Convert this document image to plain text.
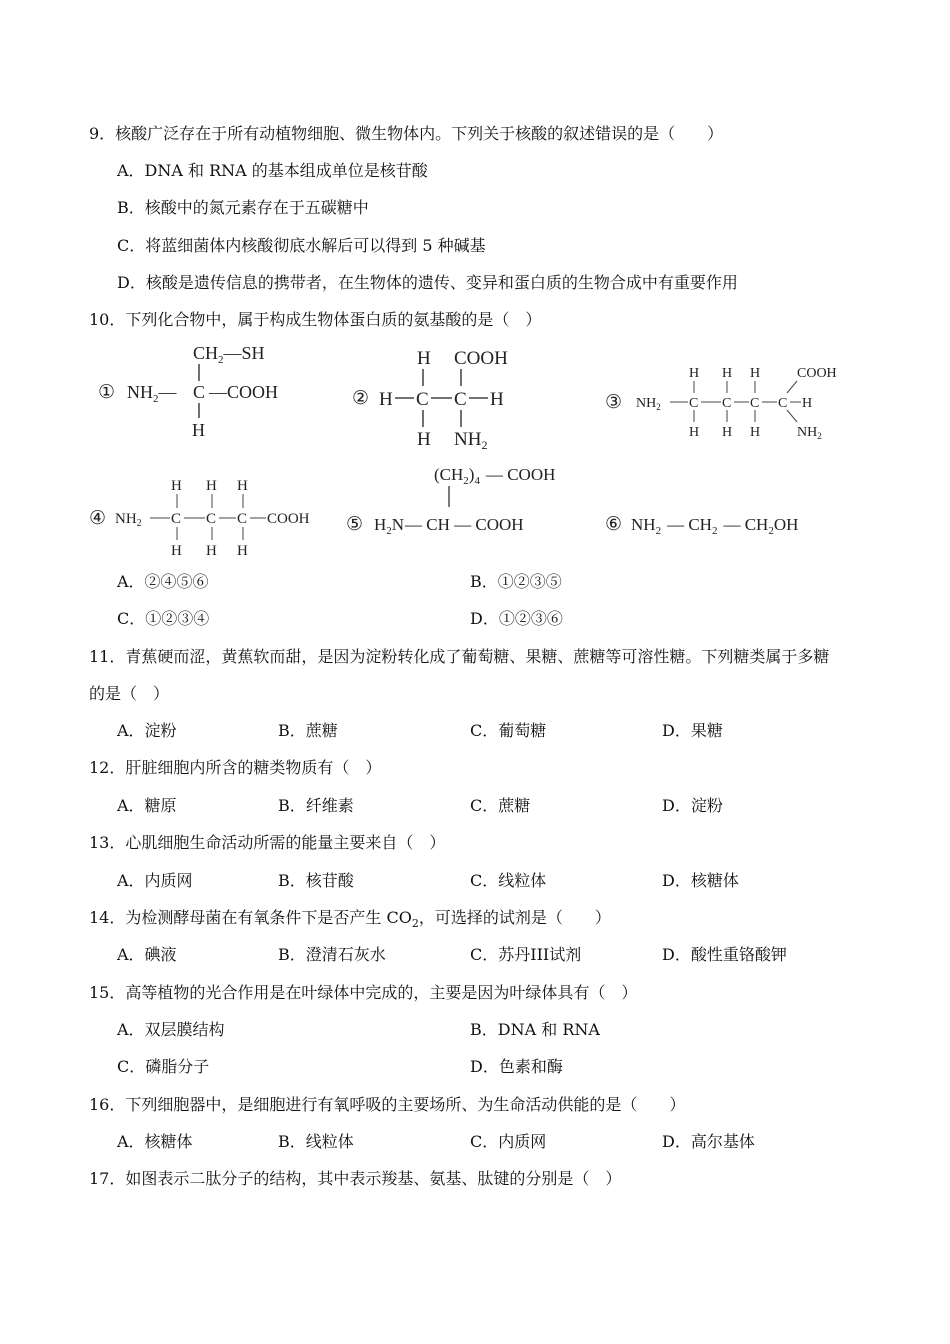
9．核酸广泛存在于所有动植物细胞、微生物体内。下列关于核酸的叙述错误的是（　　）
A．DNA 和 RNA 的基本组成单位是核苷酸
B．核酸中的氮元素存在于五碳糖中
C．将蓝细菌体内核酸彻底水解后可以得到 5 种碱基
D．核酸是遗传信息的携带者，在生物体的遗传、变异和蛋白质的生物合成中有重要作用
10．下列化合物中，属于构成生物体蛋白质的氨基酸的是（　）
① $NH_2—$ C —COOH
$CH_2—SH$
H
② H C C H
H COOH
H $NH_2$
③ $NH_2$ C C C C H
H H H	COOH
H H H	$NH_2$
④ $NH_2$ C C C COOH
H H H
H H H
⑤
$(CH_2)_4$ — COOH
$H_2N$ — CH — COOH	⑥ $NH_2$ — $CH_2$ — $CH_2OH$
A．②④⑤⑥	B．①②③⑤
C．①②③④	D．①②③⑥
11．青蕉硬而涩，黄蕉软而甜，是因为淀粉转化成了葡萄糖、果糖、蔗糖等可溶性糖。下列糖类属于多糖
的是（　）
A．淀粉	B．蔗糖	C．葡萄糖	D．果糖
12．肝脏细胞内所含的糖类物质有（　）
A．糖原	B．纤维素	C．蔗糖	D．淀粉
13．心肌细胞生命活动所需的能量主要来自（　）
A．内质网	B．核苷酸	C．线粒体	D．核糖体
14．为检测酵母菌在有氧条件下是否产生 $CO_2$，可选择的试剂是（　　）
A．碘液	B．澄清石灰水	C．苏丹III试剂	D．酸性重铬酸钾
15．高等植物的光合作用是在叶绿体中完成的，主要是因为叶绿体具有（　）
A．双层膜结构	B．DNA 和 RNA
C．磷脂分子	D．色素和酶
16．下列细胞器中，是细胞进行有氧呼吸的主要场所、为生命活动供能的是（　　）
A．核糖体	B．线粒体	C．内质网	D．高尔基体
17．如图表示二肽分子的结构，其中表示羧基、氨基、肽键的分别是（　）
